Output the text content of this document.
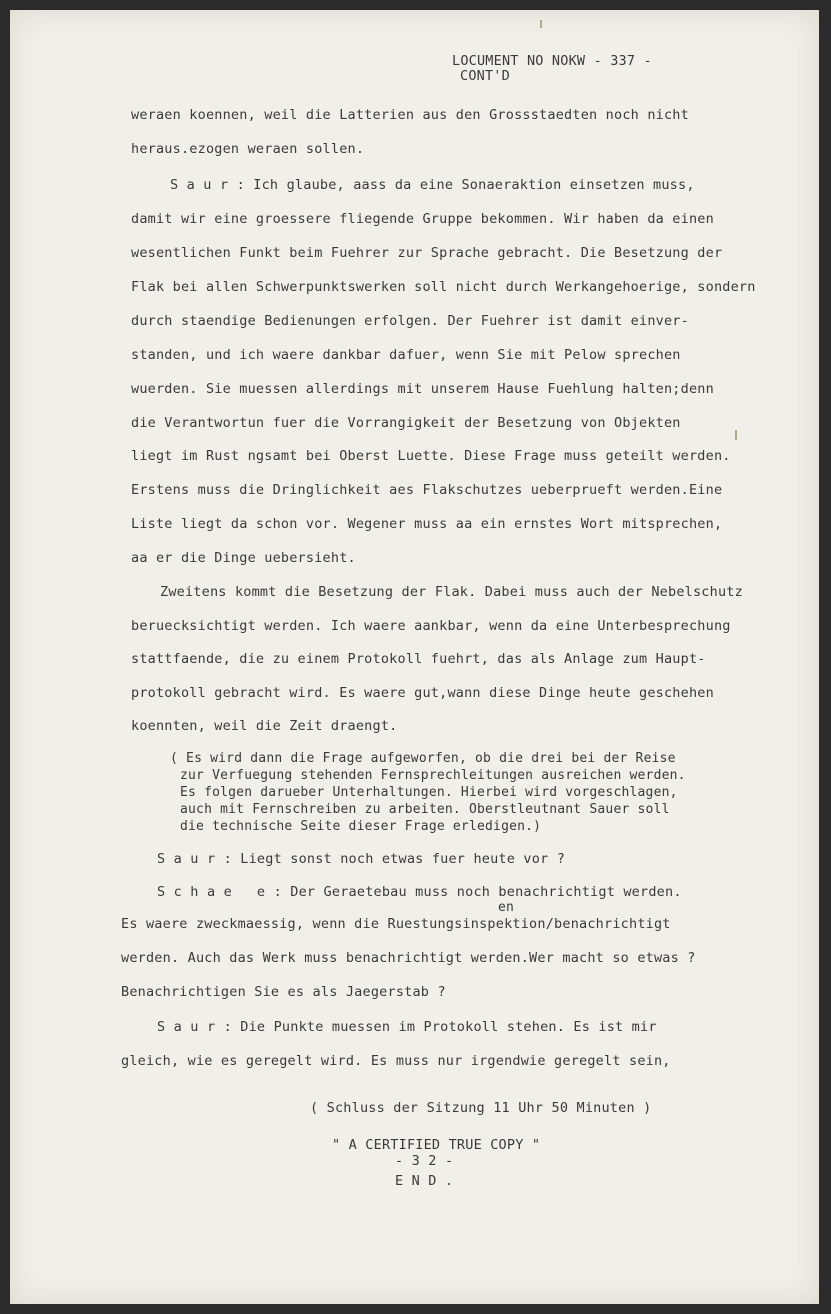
LOCUMENT NO NOKW - 337 -
CONT'D
weraen koennen, weil die Latterien aus den Grossstaedten noch nicht
heraus.ezogen weraen sollen.
S a u r : Ich glaube, aass da eine Sonaeraktion einsetzen muss,
damit wir eine groessere fliegende Gruppe bekommen. Wir haben da einen
wesentlichen Funkt beim Fuehrer zur Sprache gebracht. Die Besetzung der
Flak bei allen Schwerpunktswerken soll nicht durch Werkangehoerige, sondern
durch staendige Bedienungen erfolgen. Der Fuehrer ist damit einver-
standen, und ich waere dankbar dafuer, wenn Sie mit Pelow sprechen
wuerden. Sie muessen allerdings mit unserem Hause Fuehlung halten;denn
die Verantwortun fuer die Vorrangigkeit der Besetzung von Objekten
liegt im Rust ngsamt bei Oberst Luette. Diese Frage muss geteilt werden.
Erstens muss die Dringlichkeit aes Flakschutzes ueberprueft werden.Eine
Liste liegt da schon vor. Wegener muss aa ein ernstes Wort mitsprechen,
aa er die Dinge uebersieht.
Zweitens kommt die Besetzung der Flak. Dabei muss auch der Nebelschutz
beruecksichtigt werden. Ich waere aankbar, wenn da eine Unterbesprechung
stattfaende, die zu einem Protokoll fuehrt, das als Anlage zum Haupt-
protokoll gebracht wird. Es waere gut,wann diese Dinge heute geschehen
koennten, weil die Zeit draengt.
( Es wird dann die Frage aufgeworfen, ob die drei bei der Reise
zur Verfuegung stehenden Fernsprechleitungen ausreichen werden.
Es folgen darueber Unterhaltungen. Hierbei wird vorgeschlagen,
auch mit Fernschreiben zu arbeiten. Oberstleutnant Sauer soll
die technische Seite dieser Frage erledigen.)
S a u r : Liegt sonst noch etwas fuer heute vor ?
S c h a e   e : Der Geraetebau muss noch benachrichtigt werden.
en
Es waere zweckmaessig, wenn die Ruestungsinspektion/benachrichtigt
werden. Auch das Werk muss benachrichtigt werden.Wer macht so etwas ?
Benachrichtigen Sie es als Jaegerstab ?
S a u r : Die Punkte muessen im Protokoll stehen. Es ist mir
gleich, wie es geregelt wird. Es muss nur irgendwie geregelt sein,
( Schluss der Sitzung 11 Uhr 50 Minuten )
" A CERTIFIED TRUE COPY "
- 3 2 -
E N D .
